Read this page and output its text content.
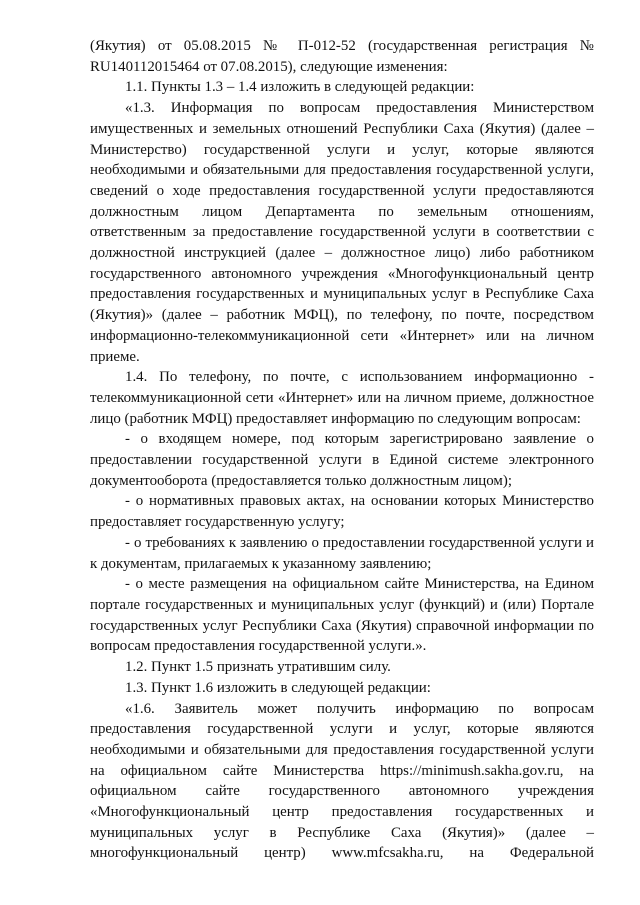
(Якутия) от 05.08.2015 № П-012-52 (государственная регистрация № RU140112015464 от 07.08.2015), следующие изменения:

1.1. Пункты 1.3 – 1.4 изложить в следующей редакции:

«1.3. Информация по вопросам предоставления Министерством имущественных и земельных отношений Республики Саха (Якутия) (далее – Министерство) государственной услуги и услуг, которые являются необходимыми и обязательными для предоставления государственной услуги, сведений о ходе предоставления государственной услуги предоставляются должностным лицом Департамента по земельным отношениям, ответственным за предоставление государственной услуги в соответствии с должностной инструкцией (далее – должностное лицо) либо работником государственного автономного учреждения «Многофункциональный центр предоставления государственных и муниципальных услуг в Республике Саха (Якутия)» (далее – работник МФЦ), по телефону, по почте, посредством информационно-телекоммуникационной сети «Интернет» или на личном приеме.

1.4. По телефону, по почте, с использованием информационно - телекоммуникационной сети «Интернет» или на личном приеме, должностное лицо (работник МФЦ) предоставляет информацию по следующим вопросам:

- о входящем номере, под которым зарегистрировано заявление о предоставлении государственной услуги в Единой системе электронного документооборота (предоставляется только должностным лицом);

- о нормативных правовых актах, на основании которых Министерство предоставляет государственную услугу;

- о требованиях к заявлению о предоставлении государственной услуги и к документам, прилагаемых к указанному заявлению;

- о месте размещения на официальном сайте Министерства, на Едином портале государственных и муниципальных услуг (функций) и (или) Портале государственных услуг Республики Саха (Якутия) справочной информации по вопросам предоставления государственной услуги.».

1.2. Пункт 1.5 признать утратившим силу.

1.3. Пункт 1.6 изложить в следующей редакции:

«1.6. Заявитель может получить информацию по вопросам предоставления государственной услуги и услуг, которые являются необходимыми и обязательными для предоставления государственной услуги на официальном сайте Министерства https://minimush.sakha.gov.ru, на официальном сайте государственного автономного учреждения «Многофункциональный центр предоставления государственных и муниципальных услуг в Республике Саха (Якутия)» (далее – многофункциональный центр) www.mfcsakha.ru, на Федеральной
